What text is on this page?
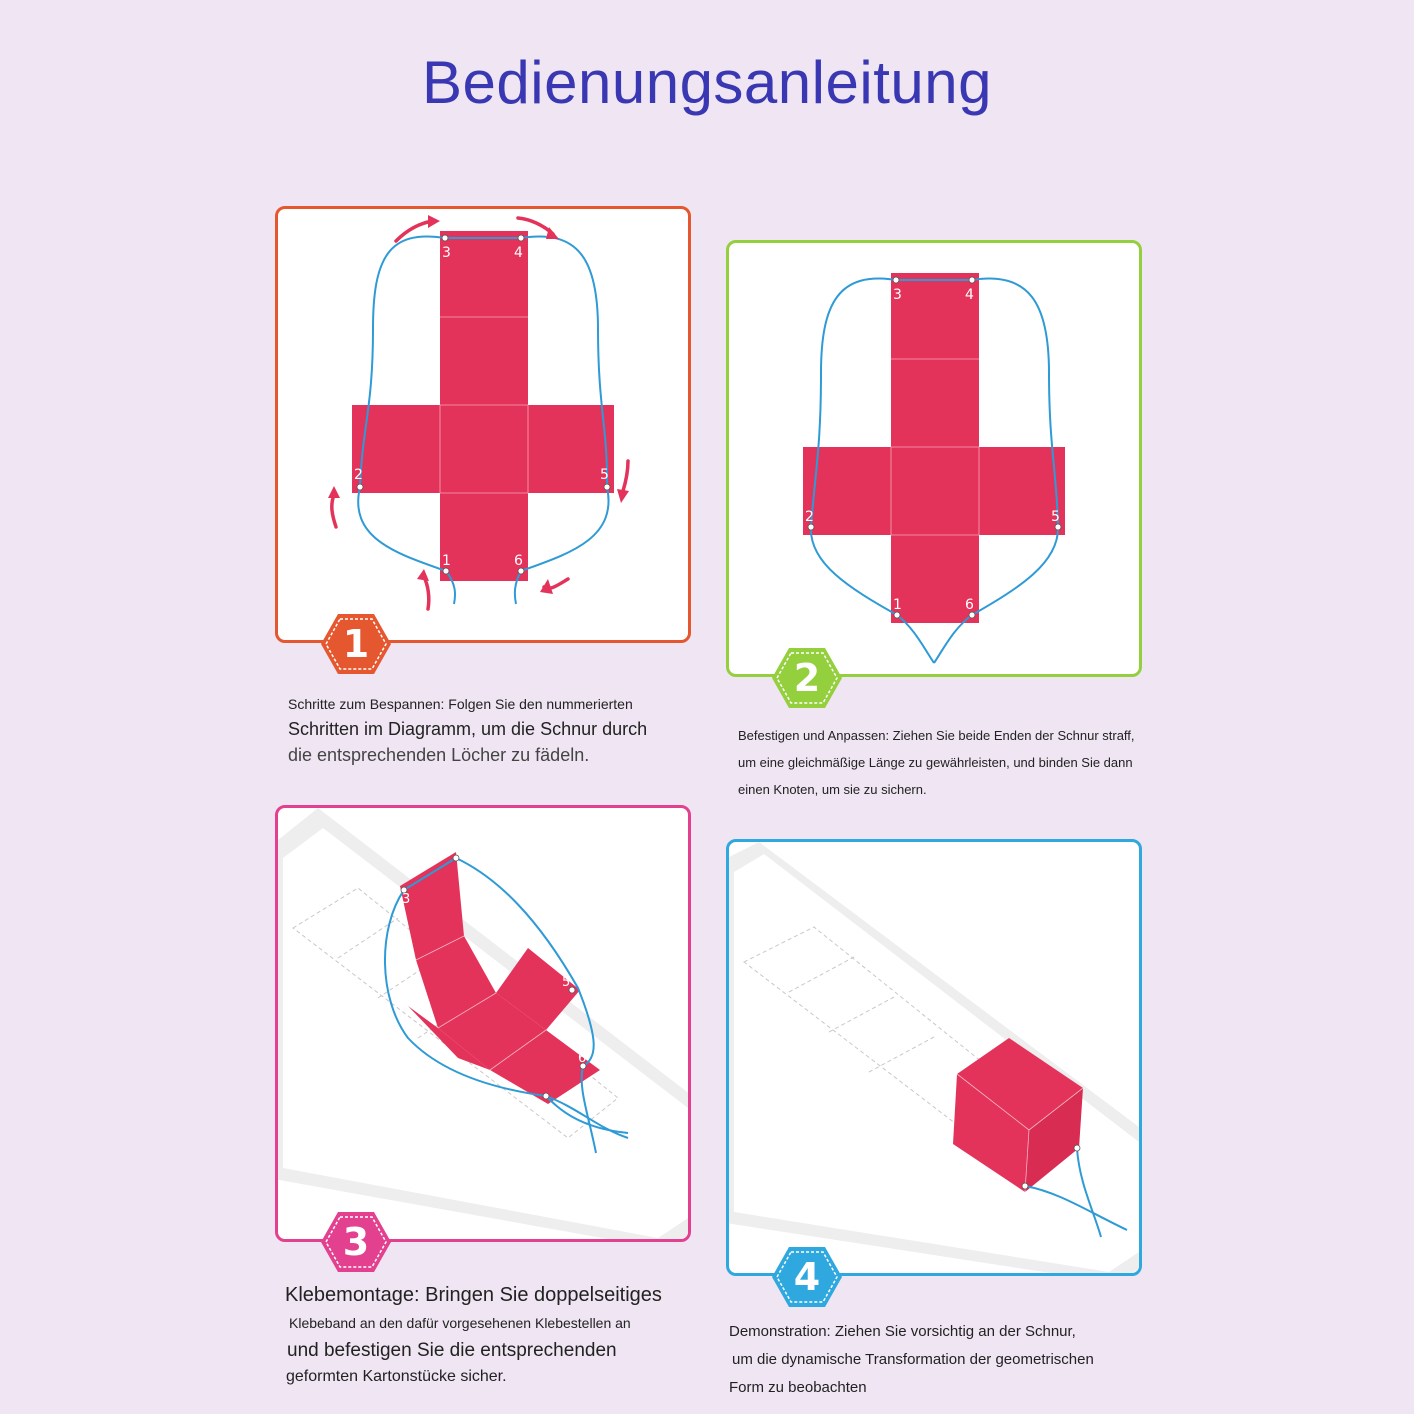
Bedienungsanleitung
3	4
2	5
1	6
1
Schritte zum Bespannen: Folgen Sie den nummerierten
Schritten im Diagramm, um die Schnur durch
die entsprechenden Löcher zu fädeln.
3	4
2	5
1	6
2
Befestigen und Anpassen: Ziehen Sie beide Enden der Schnur straff,
um eine gleichmäßige Länge zu gewährleisten, und binden Sie dann
einen Knoten, um sie zu sichern.
3
5
6
3
Klebemontage: Bringen Sie doppelseitiges
Klebeband an den dafür vorgesehenen Klebestellen an
und befestigen Sie die entsprechenden
geformten Kartonstücke sicher.
4
Demonstration: Ziehen Sie vorsichtig an der Schnur,
um die dynamische Transformation der geometrischen
Form zu beobachten
